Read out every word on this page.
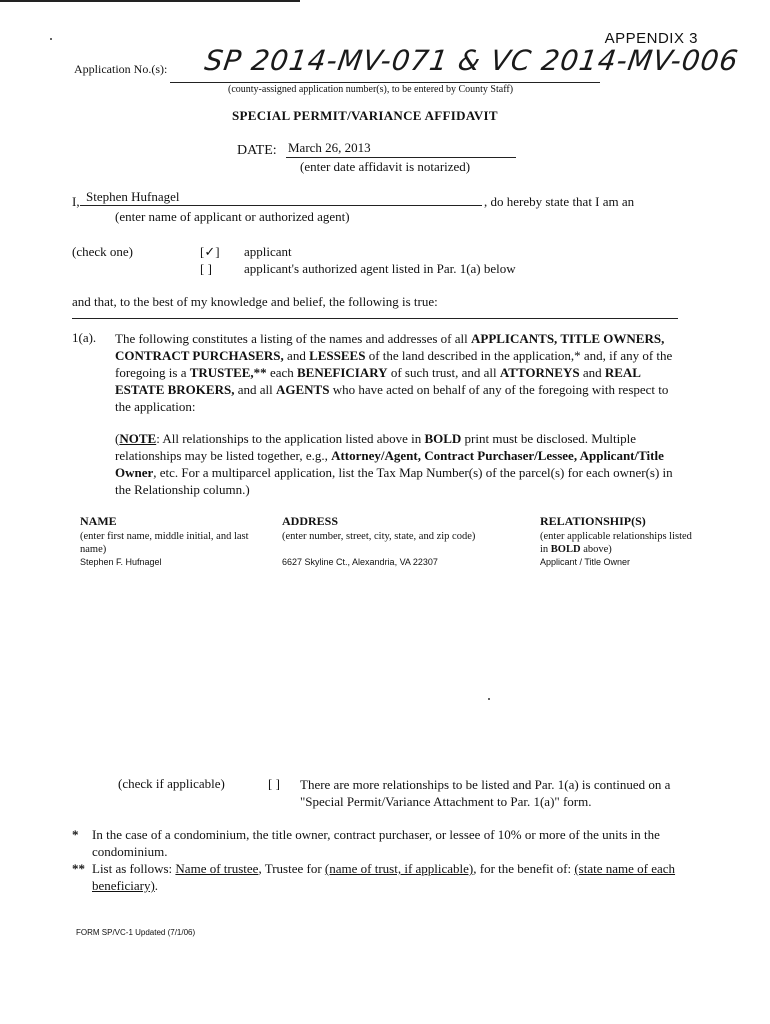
APPENDIX 3
Application No.(s): SP 2014-MV-071 & VC 2014-MV-006
(county-assigned application number(s), to be entered by County Staff)
SPECIAL PERMIT/VARIANCE AFFIDAVIT
DATE: March 26, 2013
(enter date affidavit is notarized)
I, Stephen Hufnagel	, do hereby state that I am an
(enter name of applicant or authorized agent)
(check one)	[✓] applicant
[ ] applicant's authorized agent listed in Par. 1(a) below
and that, to the best of my knowledge and belief, the following is true:
1(a). The following constitutes a listing of the names and addresses of all APPLICANTS, TITLE OWNERS, CONTRACT PURCHASERS, and LESSEES of the land described in the application,* and, if any of the foregoing is a TRUSTEE,** each BENEFICIARY of such trust, and all ATTORNEYS and REAL ESTATE BROKERS, and all AGENTS who have acted on behalf of any of the foregoing with respect to the application:
(NOTE: All relationships to the application listed above in BOLD print must be disclosed. Multiple relationships may be listed together, e.g., Attorney/Agent, Contract Purchaser/Lessee, Applicant/Title Owner, etc. For a multiparcel application, list the Tax Map Number(s) of the parcel(s) for each owner(s) in the Relationship column.)
NAME	ADDRESS	RELATIONSHIP(S)
(enter first name, middle initial, and last name)
(enter number, street, city, state, and zip code)	(enter applicable relationships listed in BOLD above)
Stephen F. Hufnagel	6627 Skyline Ct., Alexandria, VA 22307	Applicant / Title Owner
(check if applicable)	[ ] There are more relationships to be listed and Par. 1(a) is continued on a "Special Permit/Variance Attachment to Par. 1(a)" form.
* In the case of a condominium, the title owner, contract purchaser, or lessee of 10% or more of the units in the condominium.
** List as follows: Name of trustee, Trustee for (name of trust, if applicable), for the benefit of: (state name of each beneficiary).
FORM SP/VC-1 Updated (7/1/06)
